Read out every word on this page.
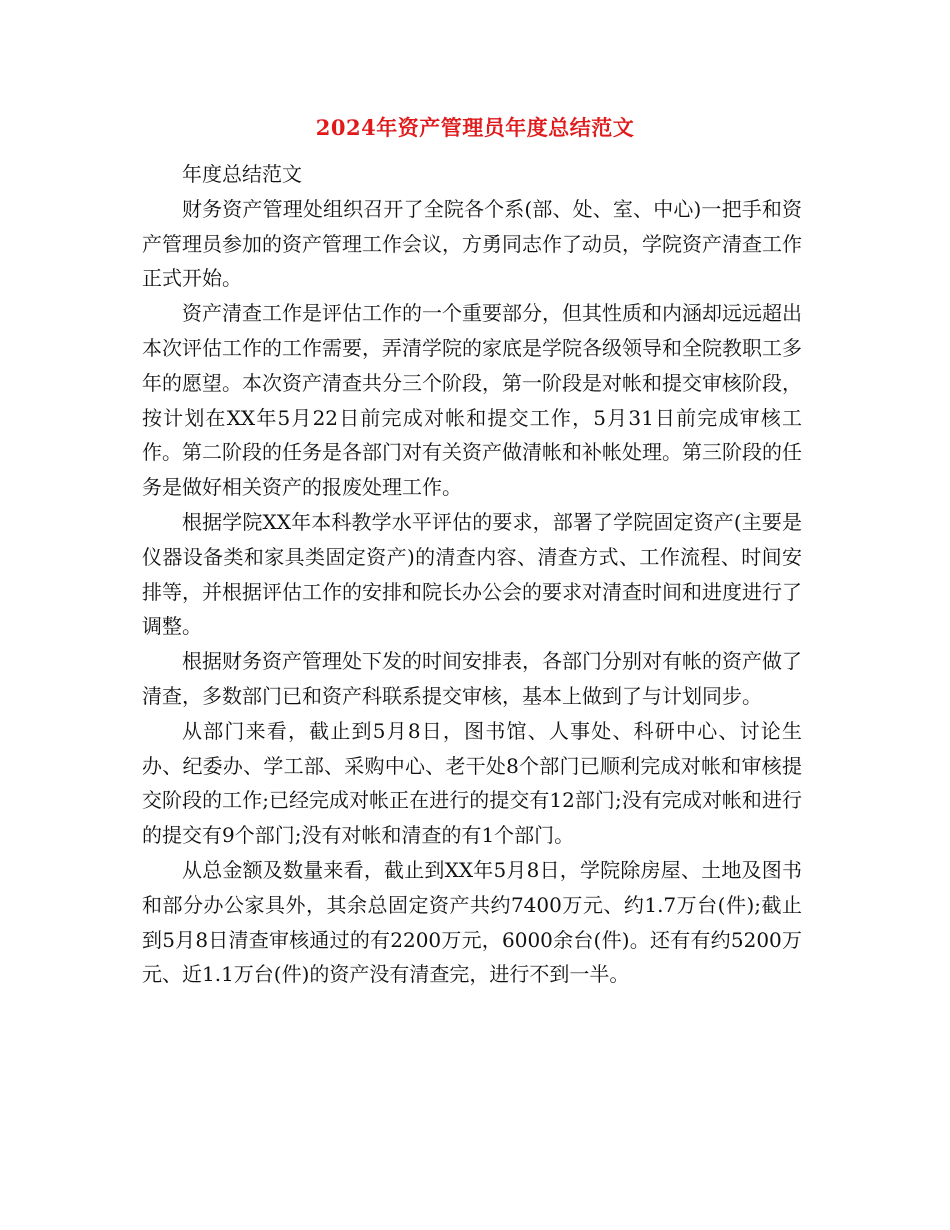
2024年资产管理员年度总结范文

年度总结范文

财务资产管理处组织召开了全院各个系(部、处、室、中心)一把手和资产管理员参加的资产管理工作会议，方勇同志作了动员，学院资产清查工作正式开始。

资产清查工作是评估工作的一个重要部分，但其性质和内涵却远远超出本次评估工作的工作需要，弄清学院的家底是学院各级领导和全院教职工多年的愿望。本次资产清查共分三个阶段，第一阶段是对帐和提交审核阶段，按计划在XX年5月22日前完成对帐和提交工作，5月31日前完成审核工作。第二阶段的任务是各部门对有关资产做清帐和补帐处理。第三阶段的任务是做好相关资产的报废处理工作。

根据学院XX年本科教学水平评估的要求，部署了学院固定资产(主要是仪器设备类和家具类固定资产)的清查内容、清查方式、工作流程、时间安排等，并根据评估工作的安排和院长办公会的要求对清查时间和进度进行了调整。

根据财务资产管理处下发的时间安排表，各部门分别对有帐的资产做了清查，多数部门已和资产科联系提交审核，基本上做到了与计划同步。

从部门来看，截止到5月8日，图书馆、人事处、科研中心、讨论生办、纪委办、学工部、采购中心、老干处8个部门已顺利完成对帐和审核提交阶段的工作;已经完成对帐正在进行的提交有12部门;没有完成对帐和进行的提交有9个部门;没有对帐和清查的有1个部门。

从总金额及数量来看，截止到XX年5月8日，学院除房屋、土地及图书和部分办公家具外，其余总固定资产共约7400万元、约1.7万台(件);截止到5月8日清查审核通过的有2200万元，6000余台(件)。还有有约5200万元、近1.1万台(件)的资产没有清查完，进行不到一半。
